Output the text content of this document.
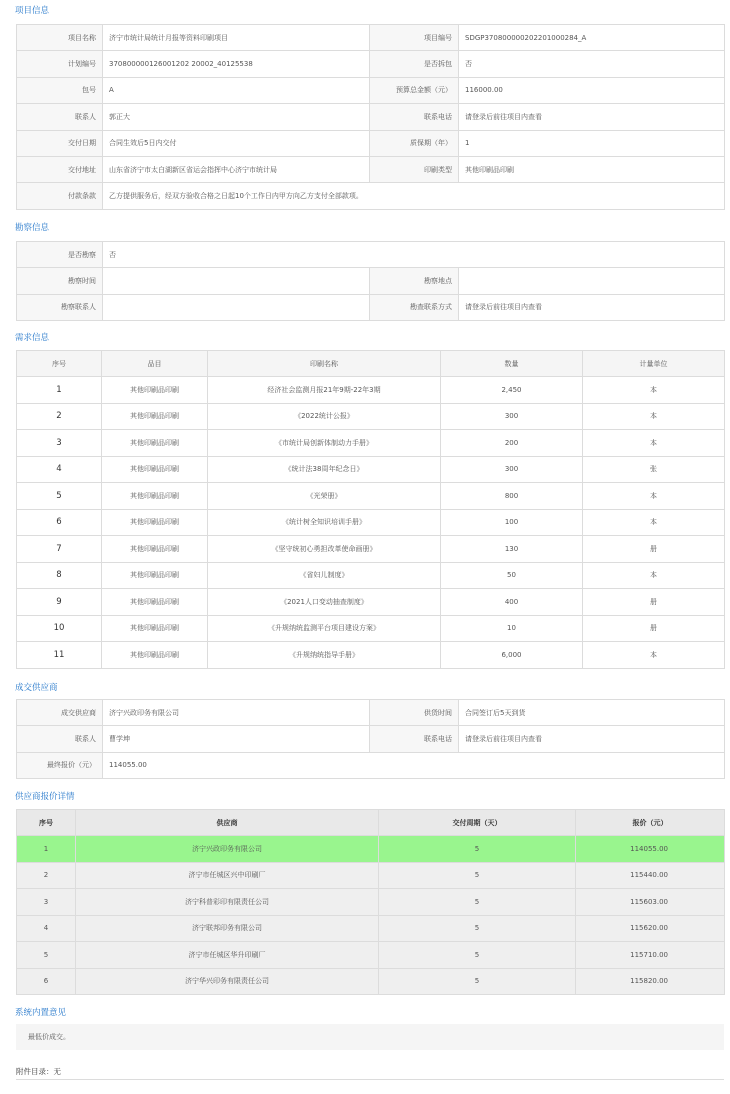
项目信息
项目名称	济宁市统计局统计月报等资料印刷项目	项目编号	SDGP370800000202201000284_A
计划编号	370800000126001202 20002_40125538	是否拆包	否
包号	A	预算总金额（元）	116000.00
联系人	郭正大	联系电话	请登录后前往项目内查看
交付日期	合同生效后5日内交付	质保期（年）	1
交付地址	山东省济宁市太白湖新区省运会指挥中心济宁市统计局	印刷类型	其他印刷品印刷
付款条款	乙方提供服务后，经双方验收合格之日起10个工作日内甲方向乙方支付全部款项。		
勘察信息
是否勘察	否		
勘察时间		勘察地点	
勘察联系人		勘查联系方式	请登录后前往项目内查看
需求信息
序号	品目	印刷名称	数量	计量单位
1	其他印刷品印刷	经济社会监测月报21年9期-22年3期	2,450	本
2	其他印刷品印刷	《2022统计公报》	300	本
3	其他印刷品印刷	《市统计局创新体制动力手册》	200	本
4	其他印刷品印刷	《统计法38周年纪念日》	300	张
5	其他印刷品印刷	《光荣册》	800	本
6	其他印刷品印刷	《统计树全知识培训手册》	100	本
7	其他印刷品印刷	《坚守统初心勇担改革使命画册》	130	册
8	其他印刷品印刷	《省妇儿制度》	50	本
9	其他印刷品印刷	《2021人口变动抽查制度》	400	册
10	其他印刷品印刷	《升规纳统监测平台项目建设方案》	10	册
11	其他印刷品印刷	《升规纳统指导手册》	6,000	本
成交供应商
成交供应商	济宁兴政印务有限公司	供货时间	合同签订后5天到货
联系人	曹学坤	联系电话	请登录后前往项目内查看
最终报价（元）	114055.00		
供应商报价详情
序号	供应商	交付周期（天）	报价（元）
1	济宁兴政印务有限公司	5	114055.00
2	济宁市任城区兴中印刷厂	5	115440.00
3	济宁科普彩印有限责任公司	5	115603.00
4	济宁联邦印务有限公司	5	115620.00
5	济宁市任城区华升印刷厂	5	115710.00
6	济宁华兴印务有限责任公司	5	115820.00
系统内置意见
最低价成交。
附件目录：无
